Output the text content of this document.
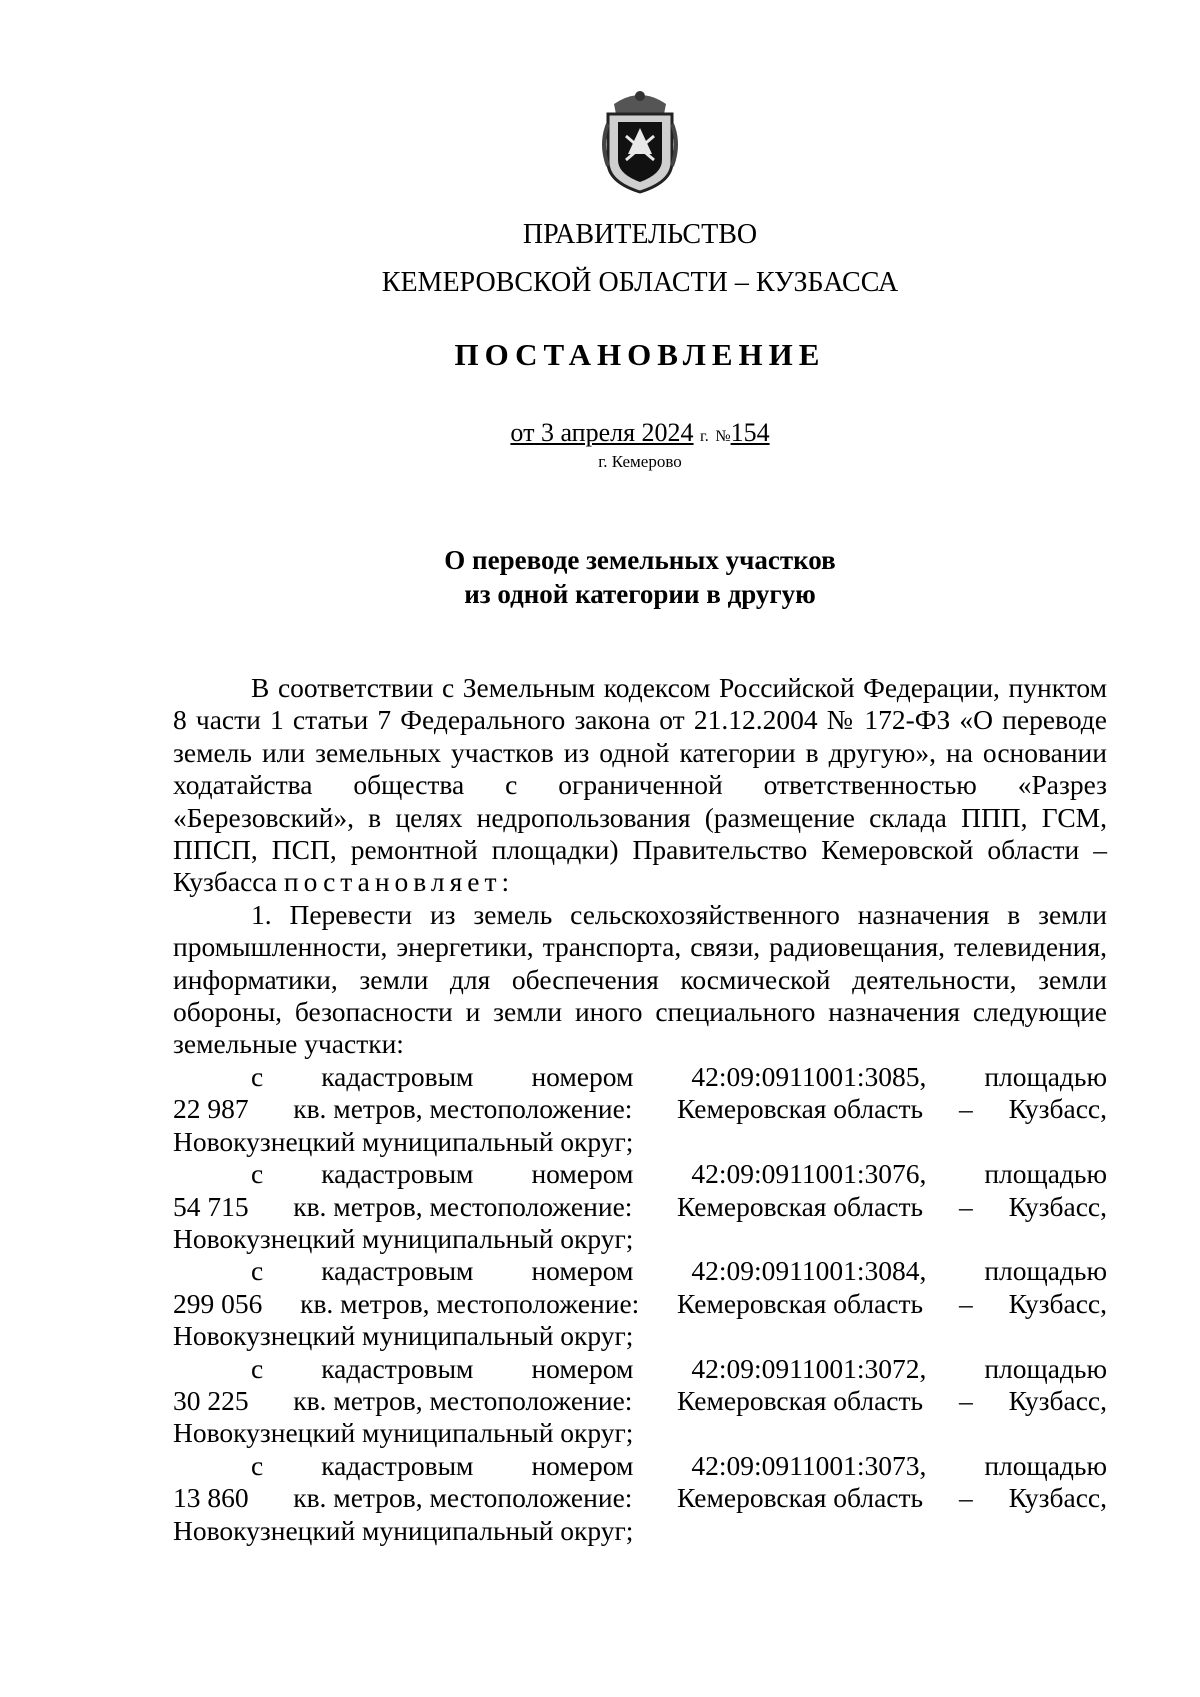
ПРАВИТЕЛЬСТВО
КЕМЕРОВСКОЙ ОБЛАСТИ – КУЗБАССА
ПОСТАНОВЛЕНИЕ
от 3 апреля 2024 г. №154
г. Кемерово
О переводе земельных участков
из одной категории в другую

В соответствии с Земельным кодексом Российской Федерации, пунктом 8 части 1 статьи 7 Федерального закона от 21.12.2004 № 172-ФЗ «О переводе земель или земельных участков из одной категории в другую», на основании ходатайства общества с ограниченной ответственностью «Разрез «Березовский», в целях недропользования (размещение склада ППП, ГСМ, ППСП, ПСП, ремонтной площадки) Правительство Кемеровской области – Кузбасса постановляет:

1. Перевести из земель сельскохозяйственного назначения в земли промышленности, энергетики, транспорта, связи, радиовещания, телевидения, информатики, земли для обеспечения космической деятельности, земли обороны, безопасности и земли иного специального назначения следующие земельные участки:

с кадастровым номером 42:09:0911001:3085, площадью
22 987 кв. метров, местоположение: Кемеровская область – Кузбасс,
Новокузнецкий муниципальный округ;
с кадастровым номером 42:09:0911001:3076, площадью
54 715 кв. метров, местоположение: Кемеровская область – Кузбасс,
Новокузнецкий муниципальный округ;
с кадастровым номером 42:09:0911001:3084, площадью
299 056 кв. метров, местоположение: Кемеровская область – Кузбасс,
Новокузнецкий муниципальный округ;
с кадастровым номером 42:09:0911001:3072, площадью
30 225 кв. метров, местоположение: Кемеровская область – Кузбасс,
Новокузнецкий муниципальный округ;
с кадастровым номером 42:09:0911001:3073, площадью
13 860 кв. метров, местоположение: Кемеровская область – Кузбасс,
Новокузнецкий муниципальный округ;
